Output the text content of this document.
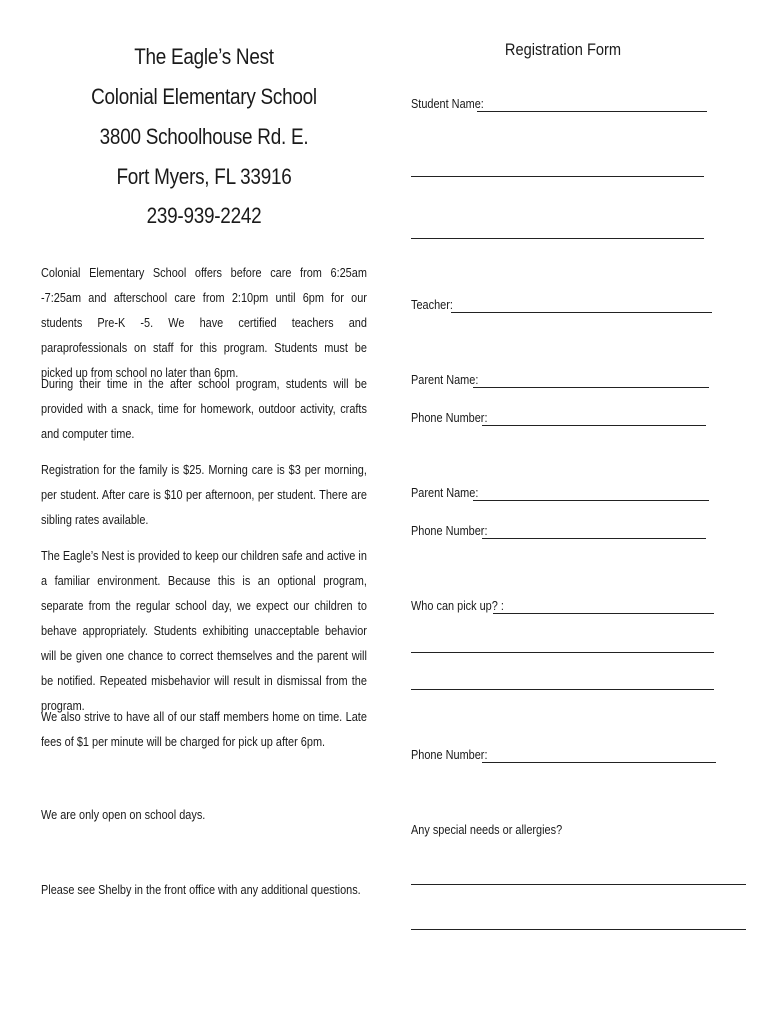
The Eagle’s Nest
Colonial Elementary School
3800 Schoolhouse Rd. E.
Fort Myers, FL 33916
239-939-2242
Colonial Elementary School offers before care from 6:25am -7:25am and afterschool care from 2:10pm until 6pm for our students Pre-K -5. We have certified teachers and paraprofessionals on staff for this program. Students must be picked up from school no later than 6pm.
During their time in the after school program, students will be provided with a snack, time for homework, outdoor activity, crafts and computer time.
Registration for the family is $25. Morning care is $3 per morning, per student. After care is $10 per afternoon, per student. There are sibling rates available.
The Eagle’s Nest is provided to keep our children safe and active in a familiar environment. Because this is an optional program, separate from the regular school day, we expect our children to behave appropriately. Students exhibiting unacceptable behavior will be given one chance to correct themselves and the parent will be notified. Repeated misbehavior will result in dismissal from the program.
We also strive to have all of our staff members home on time. Late fees of $1 per minute will be charged for pick up after 6pm.
We are only open on school days.
Please see Shelby in the front office with any additional questions.
Registration Form
Student Name:
Teacher:
Parent Name:
Phone Number:
Parent Name:
Phone Number:
Who can pick up? :
Phone Number:
Any special needs or allergies?
